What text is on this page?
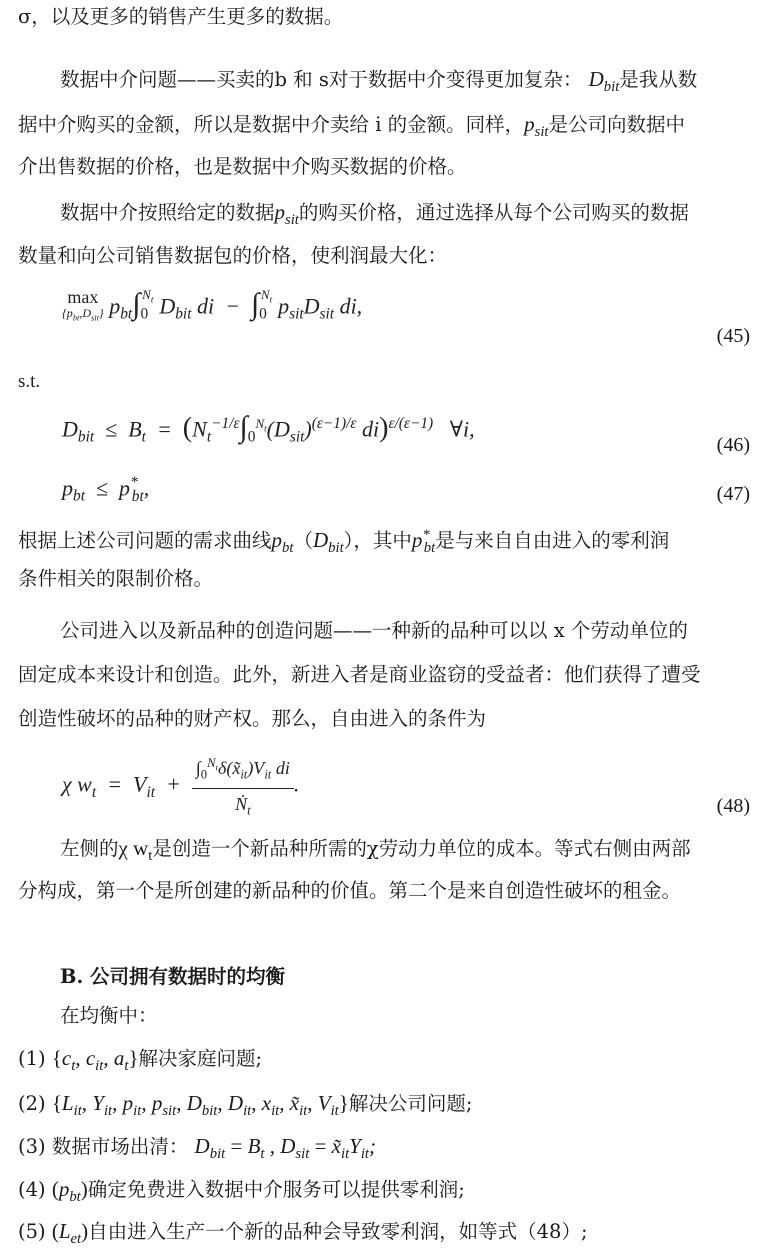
σ，以及更多的销售产生更多的数据。
数据中介问题——买卖的b 和 s对于数据中介变得更加复杂： $D_{bit}$是我从数
据中介购买的金额，所以是数据中介卖给 i 的金额。同样，$p_{sit}$是公司向数据中
介出售数据的价格，也是数据中介购买数据的价格。
数据中介按照给定的数据$p_{sit}$的购买价格，通过选择从每个公司购买的数据
数量和向公司销售数据包的价格，使利润最大化：
max
$\{p_{bt},D_{sit}\}$ $p_{bt}\int_0^{N_t}$ $D_{bit}$ di  −  $\int_0^{N_t}$ $p_{sit}D_{sit}$ di,
(45)
s.t.
$D_{bit} \le B_t = (N_t^{-1/\varepsilon}\int_0^{N_t}(D_{sit})^{(\varepsilon-1)/\varepsilon}$ di)$^{\varepsilon/(\varepsilon-1)}$ ∀i,
(46)
$p_{bt} \le p^*_{bt}$,	(47)
根据上述公司问题的需求曲线$p_{bt}(D_{bit})$，其中$p^*_{bt}$是与来自自由进入的零利润
条件相关的限制价格。
公司进入以及新品种的创造问题——一种新的品种可以以 x 个劳动单位的
固定成本来设计和创造。此外，新进入者是商业盗窃的受益者：他们获得了遭受
创造性破坏的品种的财产权。那么，自由进入的条件为
χ $w_t = V_{it} + \frac{\int_0^{N_t}\delta(x̃_{it})V_{it} di}{Ṅ_t}$ .
(48)
左侧的χ $w_t$是创造一个新品种所需的χ劳动力单位的成本。等式右侧由两部
分构成，第一个是所创建的新品种的价值。第二个是来自创造性破坏的租金。
B. 公司拥有数据时的均衡
在均衡中：
(1) {$c_t$, $c_{it}$, $a_t$}解决家庭问题;
(2) {$L_{it}$, $Y_{it}$, $p_{it}$, $p_{sit}$, $D_{bit}$, $D_{it}$, $x_{it}$, $x̃_{it}$, $V_{it}$}解决公司问题;
(3) 数据市场出清： $D_{bit} = B_t$ , $D_{sit}$ = $x̃_{it}Y_{it}$;
(4) $(p_{bt})$确定免费进入数据中介服务可以提供零利润;
(5) $(L_{et})$自由进入生产一个新的品种会导致零利润，如等式（48）;
